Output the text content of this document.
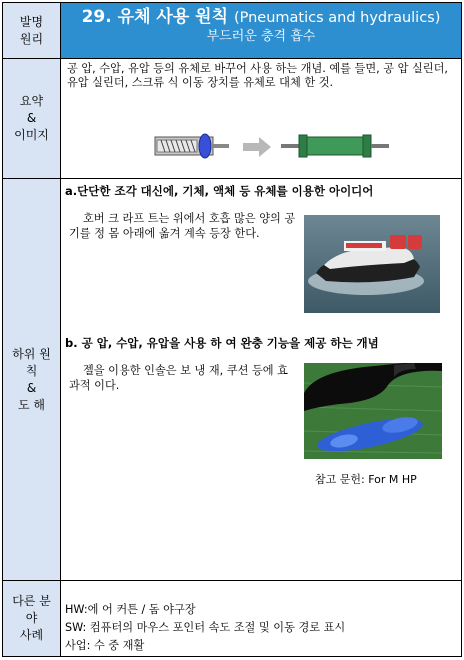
발명
원리
29. 유체 사용 원칙 (Pneumatics and hydraulics)
부드러운 충격 흡수
요약
&
이미지
공 압, 수압, 유압 등의 유체로 바꾸어 사용 하는 개념. 예를 들면, 공 압 실린더, 유압 실린더, 스크류 식 이동 장치를 유체로 대체 한 것.
하위 원
칙
&
도 해
a.단단한 조각 대신에, 기체, 액체 등 유체를 이용한 아이디어
호버 크 라프 트는 위에서 호흡 많은 양의 공기를 정 몸 아래에 옮겨 계속 등장 한다.
b. 공 압, 수압, 유압을 사용 하 여 완충 기능을 제공 하는 개념
젤을 이용한 인솔은 보 냉 재, 쿠션 등에 효과적 이다.
참고 문헌: For M HP
다른 분
야
사례
HW:에 어 커튼 / 돔 야구장
SW: 컴퓨터의 마우스 포인터 속도 조절 및 이동 경로 표시
사업: 수 중 재활
